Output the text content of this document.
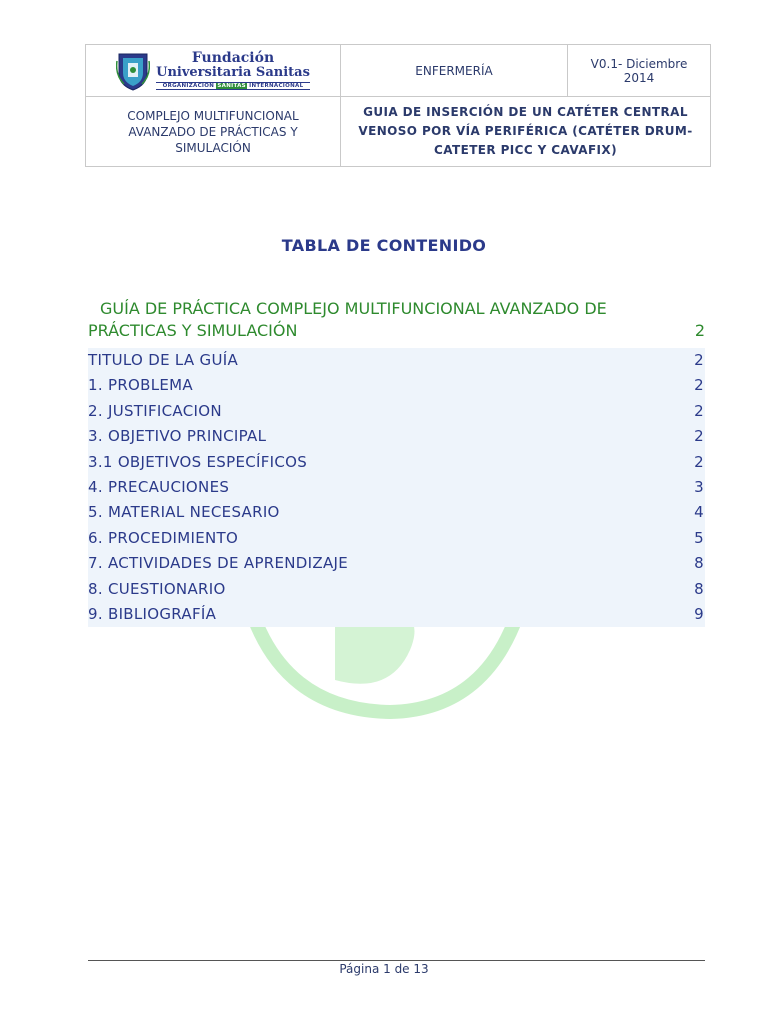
Fundación
Universitaria Sanitas
ORGANIZACIÓN SANITAS INTERNACIONAL	ENFERMERÍA	V0.1- Diciembre 2014
COMPLEJO MULTIFUNCIONAL AVANZADO DE PRÁCTICAS Y SIMULACIÓN	GUIA DE INSERCIÓN DE UN CATÉTER CENTRAL VENOSO POR VÍA PERIFÉRICA (CATÉTER DRUM-CATETER PICC Y CAVAFIX)	
TABLA DE CONTENIDO
GUÍA DE PRÁCTICA COMPLEJO MULTIFUNCIONAL AVANZADO DE
PRÁCTICAS Y SIMULACIÓN	2
TITULO DE LA GUÍA	2
1. PROBLEMA	2
2. JUSTIFICACION	2
3. OBJETIVO PRINCIPAL	2
3.1 OBJETIVOS ESPECÍFICOS	2
4. PRECAUCIONES	3
5. MATERIAL NECESARIO	4
6. PROCEDIMIENTO	5
7. ACTIVIDADES DE APRENDIZAJE	8
8. CUESTIONARIO	8
9. BIBLIOGRAFÍA	9
Página 1 de 13
